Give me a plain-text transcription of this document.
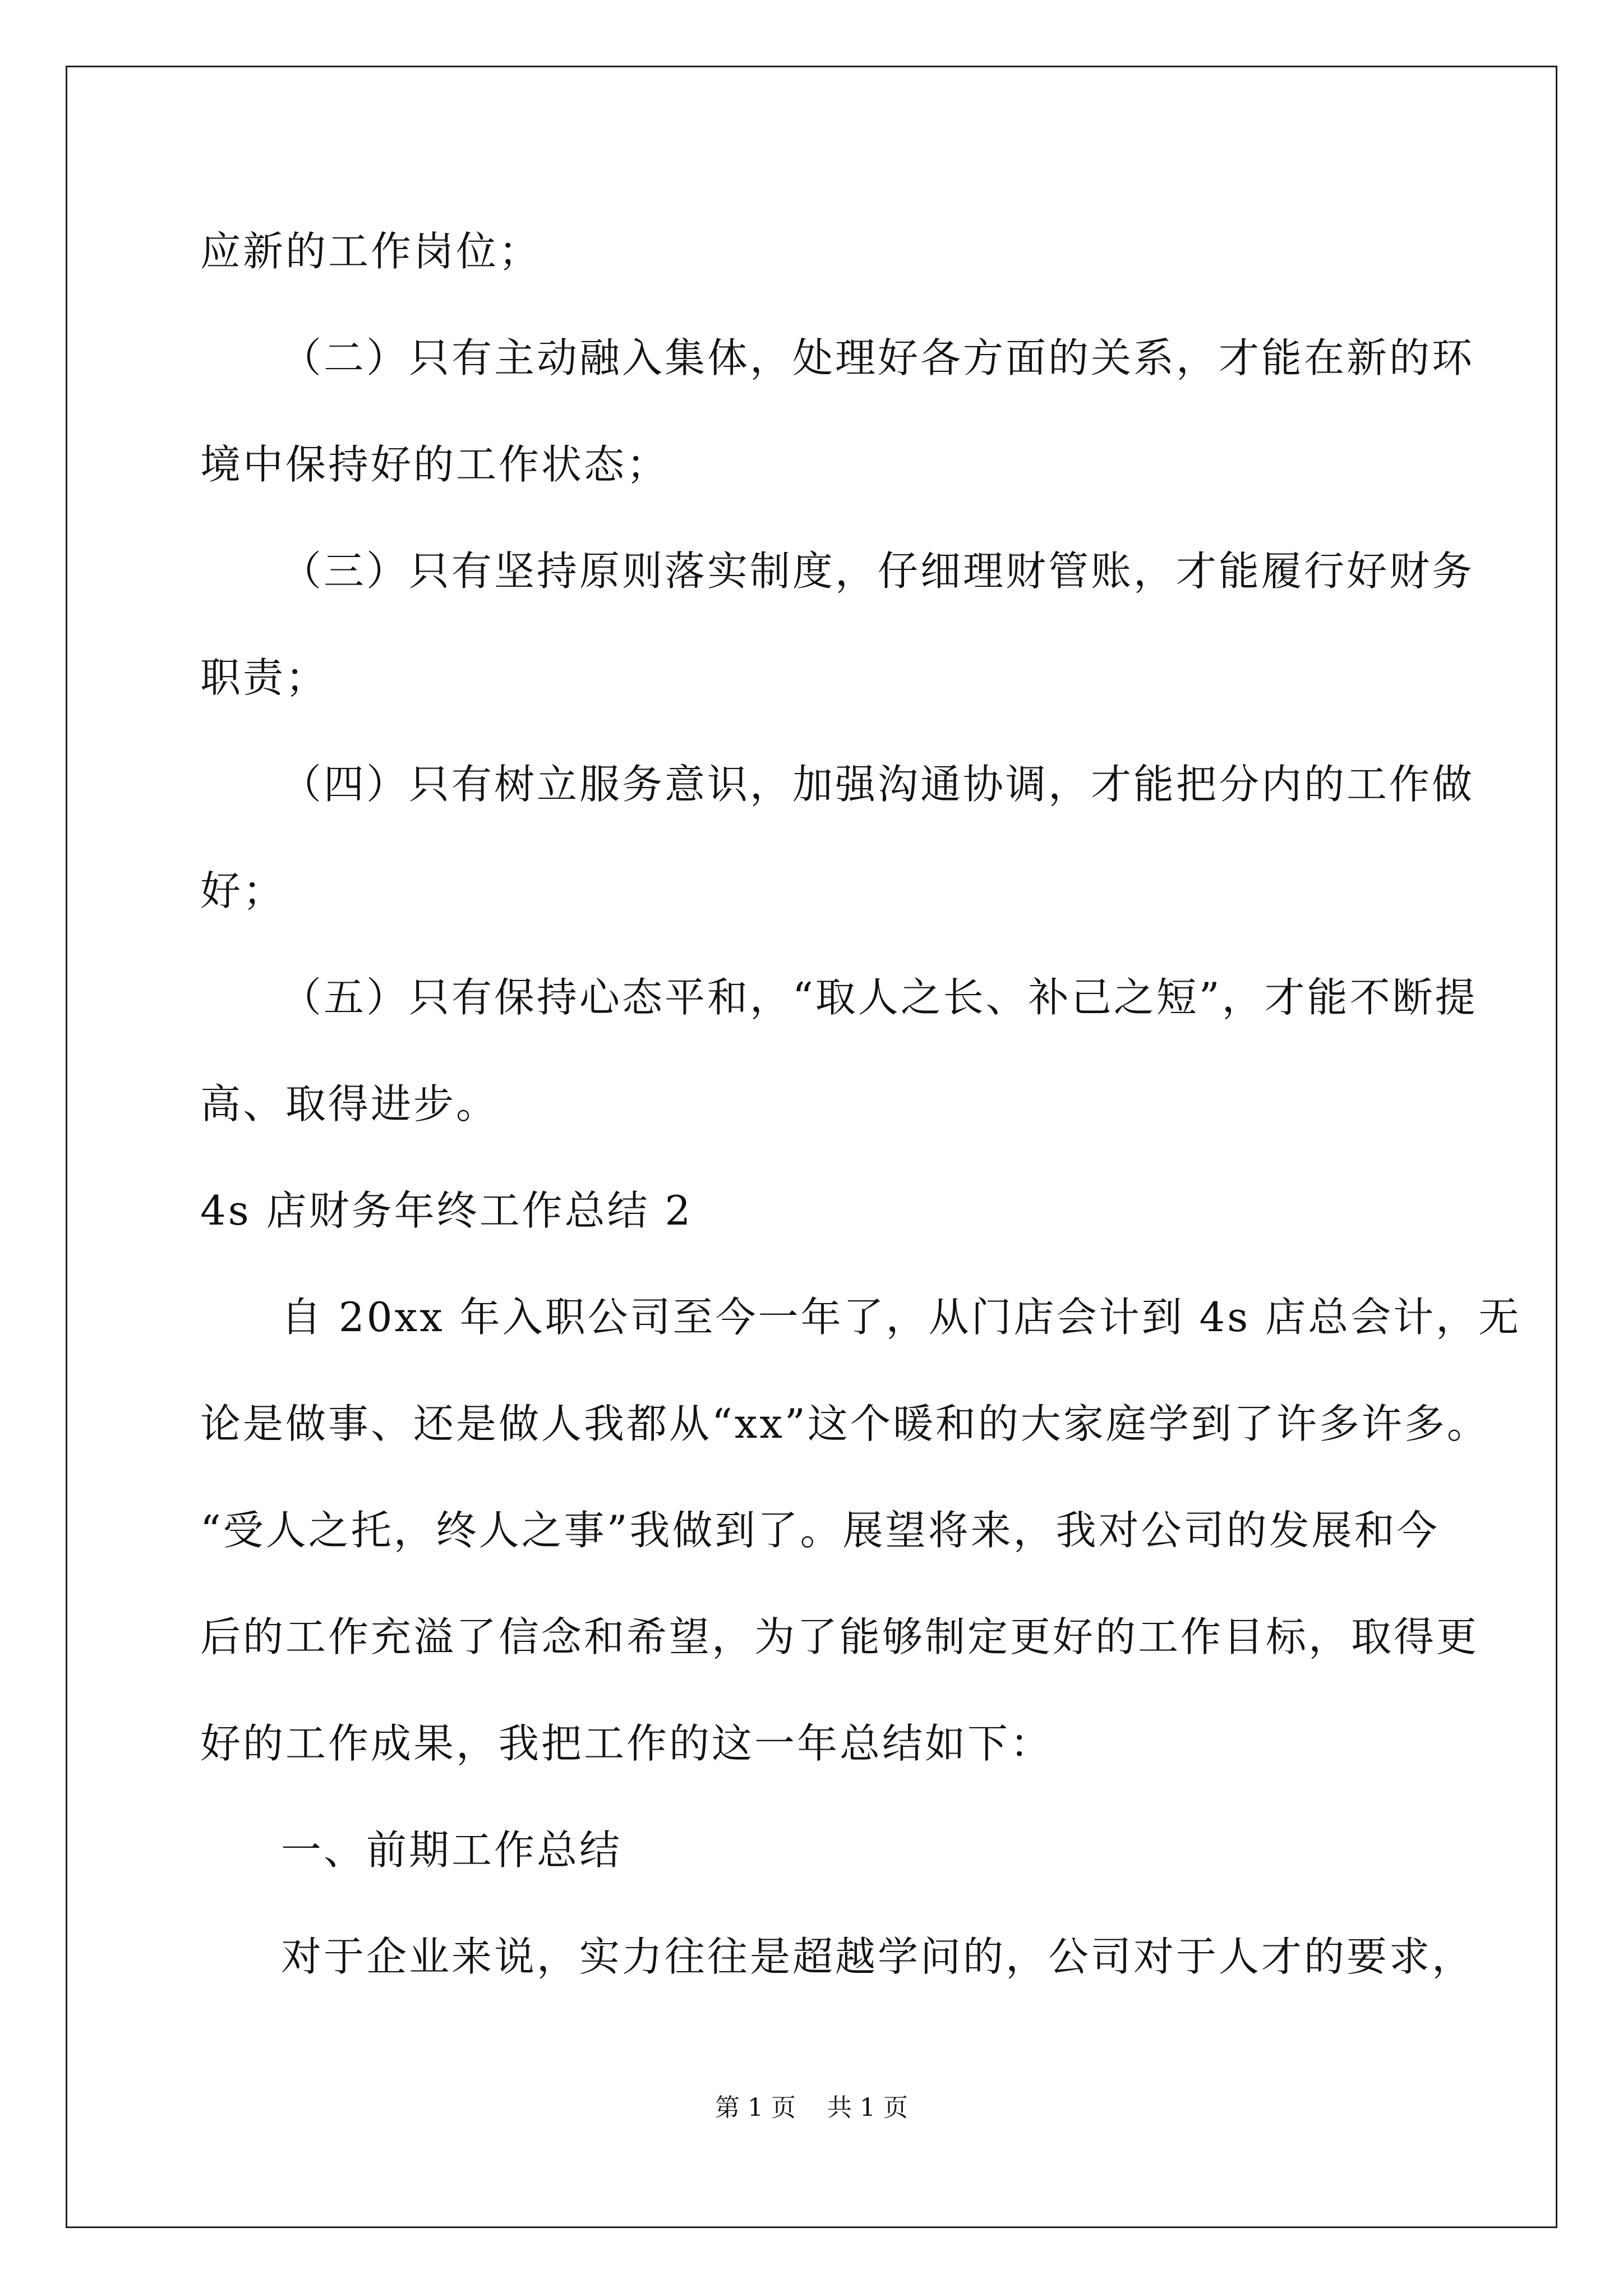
应新的工作岗位；
（二）只有主动融入集体，处理好各方面的关系，才能在新的环
境中保持好的工作状态；
（三）只有坚持原则落实制度，仔细理财管账，才能履行好财务
职责；
（四）只有树立服务意识，加强沟通协调，才能把分内的工作做
好；
（五）只有保持心态平和，“取人之长、补己之短”，才能不断提
高、取得进步。
4s 店财务年终工作总结 2
自 20xx 年入职公司至今一年了，从门店会计到 4s 店总会计，无
论是做事、还是做人我都从“xx”这个暖和的大家庭学到了许多许多。
“受人之托，终人之事”我做到了。展望将来，我对公司的发展和今
后的工作充溢了信念和希望，为了能够制定更好的工作目标，取得更
好的工作成果，我把工作的这一年总结如下：
一、前期工作总结
对于企业来说，实力往往是超越学问的，公司对于人才的要求，
第 1 页    共 1 页
